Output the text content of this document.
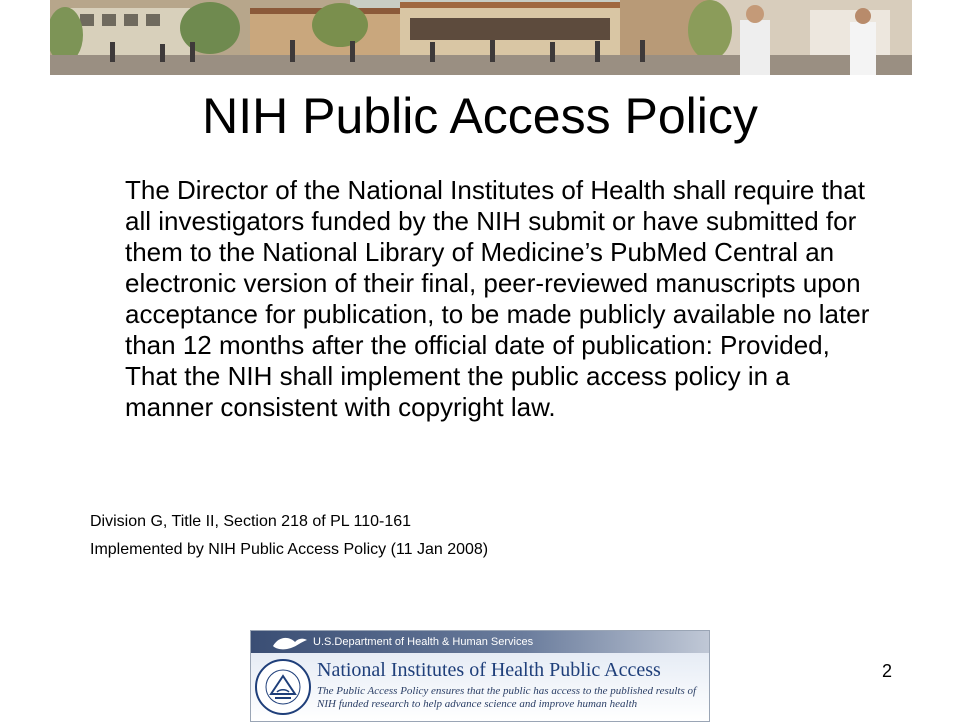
NIH Public Access Policy

The Director of the National Institutes of Health shall require that all investigators funded by the NIH submit or have submitted for them to the National Library of Medicine’s PubMed Central an electronic version of their final, peer-reviewed manuscripts upon acceptance for publication, to be made publicly available no later than 12 months after the official date of publication: Provided, That the NIH shall implement the public access policy in a manner consistent with copyright law.

Division G, Title II, Section 218 of PL 110-161

Implemented by NIH Public Access Policy (11 Jan 2008)

U.S.Department of Health & Human Services
National Institutes of Health Public Access
The Public Access Policy ensures that the public has access to the published results of NIH funded research to help advance science and improve human health
2
